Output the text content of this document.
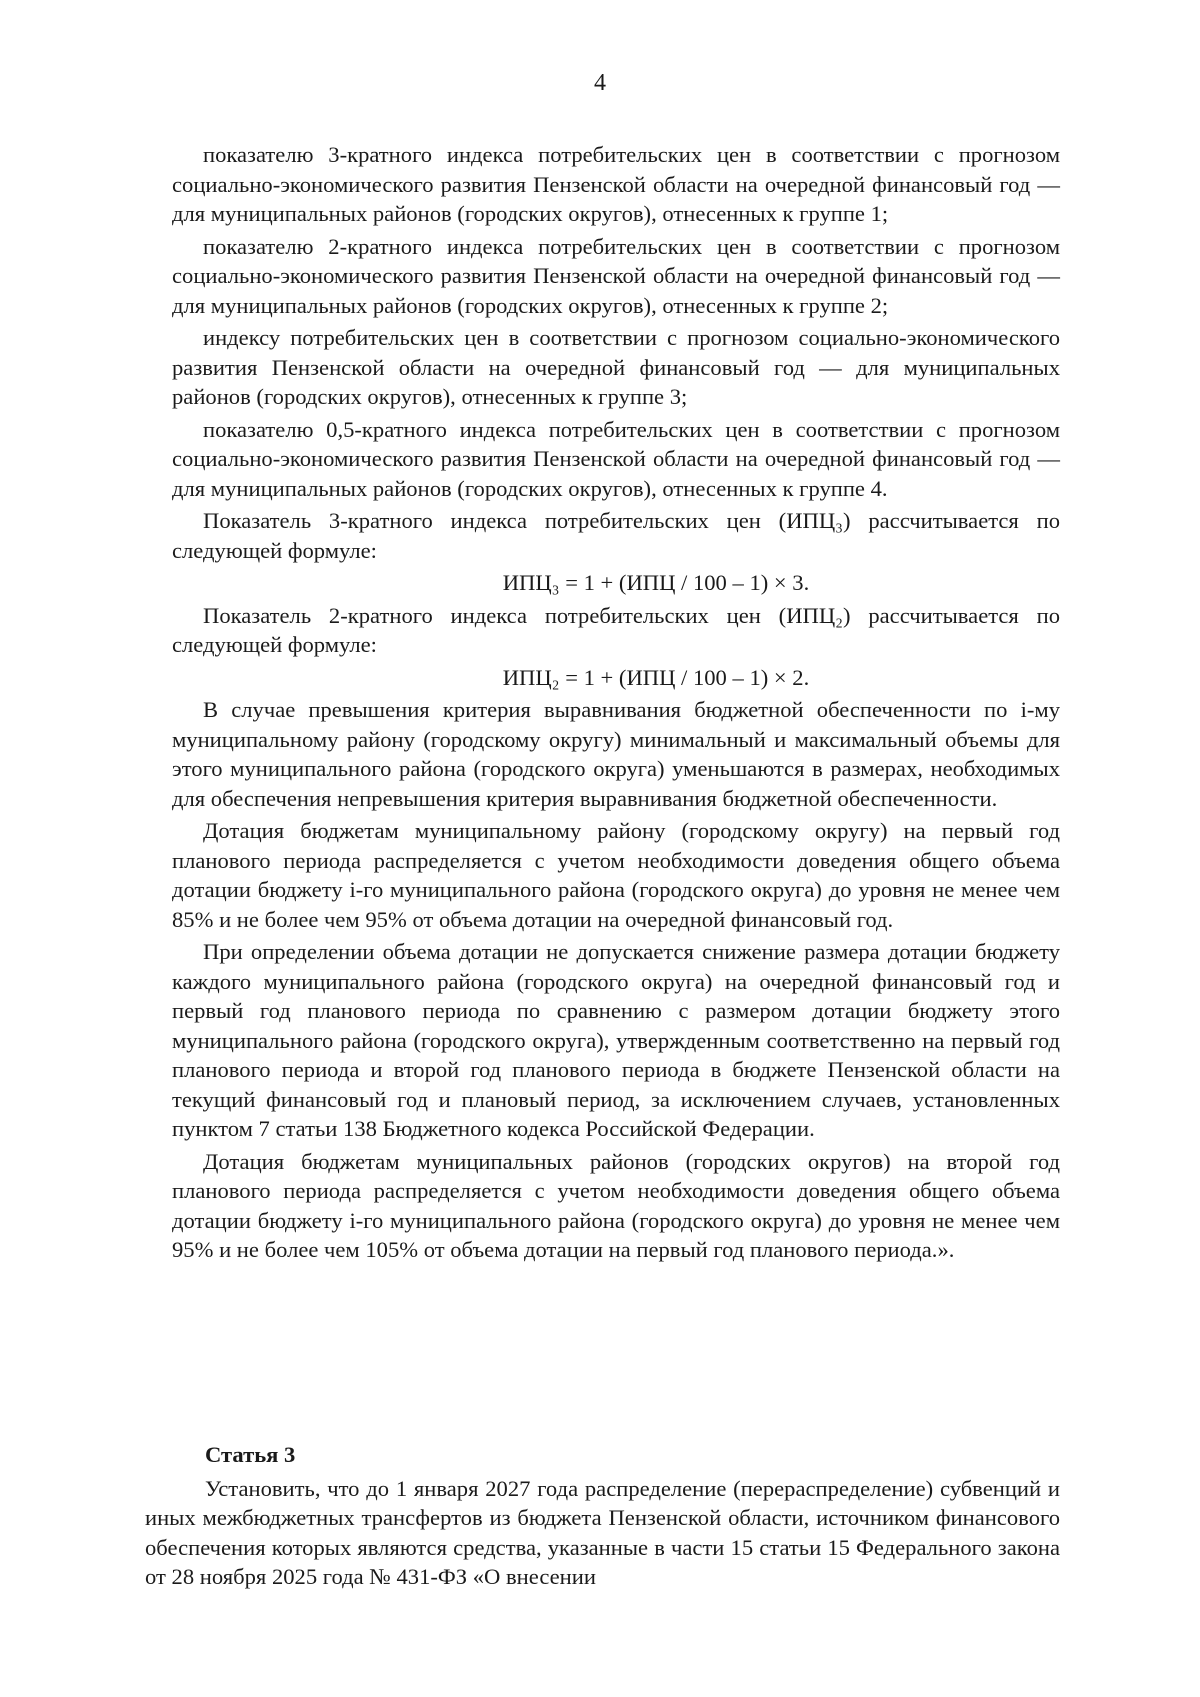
4

показателю 3-кратного индекса потребительских цен в соответствии с прогнозом социально-экономического развития Пензенской области на очередной финансовый год — для муниципальных районов (городских округов), отнесенных к группе 1;

показателю 2-кратного индекса потребительских цен в соответствии с прогнозом социально-экономического развития Пензенской области на очередной финансовый год — для муниципальных районов (городских округов), отнесенных к группе 2;

индексу потребительских цен в соответствии с прогнозом социально-экономического развития Пензенской области на очередной финансовый год — для муниципальных районов (городских округов), отнесенных к группе 3;

показателю 0,5-кратного индекса потребительских цен в соответствии с прогнозом социально-экономического развития Пензенской области на очередной финансовый год — для муниципальных районов (городских округов), отнесенных к группе 4.

Показатель 3-кратного индекса потребительских цен (ИПЦ₃) рассчитывается по следующей формуле:

ИПЦ₃ = 1 + (ИПЦ / 100 – 1) × 3.

Показатель 2-кратного индекса потребительских цен (ИПЦ₂) рассчитывается по следующей формуле:

ИПЦ₂ = 1 + (ИПЦ / 100 – 1) × 2.

В случае превышения критерия выравнивания бюджетной обеспеченности по i-му муниципальному району (городскому округу) минимальный и максимальный объемы для этого муниципального района (городского округа) уменьшаются в размерах, необходимых для обеспечения непревышения критерия выравнивания бюджетной обеспеченности.

Дотация бюджетам муниципальному району (городскому округу) на первый год планового периода распределяется с учетом необходимости доведения общего объема дотации бюджету i-го муниципального района (городского округа) до уровня не менее чем 85% и не более чем 95% от объема дотации на очередной финансовый год.

При определении объема дотации не допускается снижение размера дотации бюджету каждого муниципального района (городского округа) на очередной финансовый год и первый год планового периода по сравнению с размером дотации бюджету этого муниципального района (городского округа), утвержденным соответственно на первый год планового периода и второй год планового периода в бюджете Пензенской области на текущий финансовый год и плановый период, за исключением случаев, установленных пунктом 7 статьи 138 Бюджетного кодекса Российской Федерации.

Дотация бюджетам муниципальных районов (городских округов) на второй год планового периода распределяется с учетом необходимости доведения общего объема дотации бюджету i-го муниципального района (городского округа) до уровня не менее чем 95% и не более чем 105% от объема дотации на первый год планового периода.».

Статья 3

Установить, что до 1 января 2027 года распределение (перераспределение) субвенций и иных межбюджетных трансфертов из бюджета Пензенской области, источником финансового обеспечения которых являются средства, указанные в части 15 статьи 15 Федерального закона от 28 ноября 2025 года № 431-ФЗ «О внесении
